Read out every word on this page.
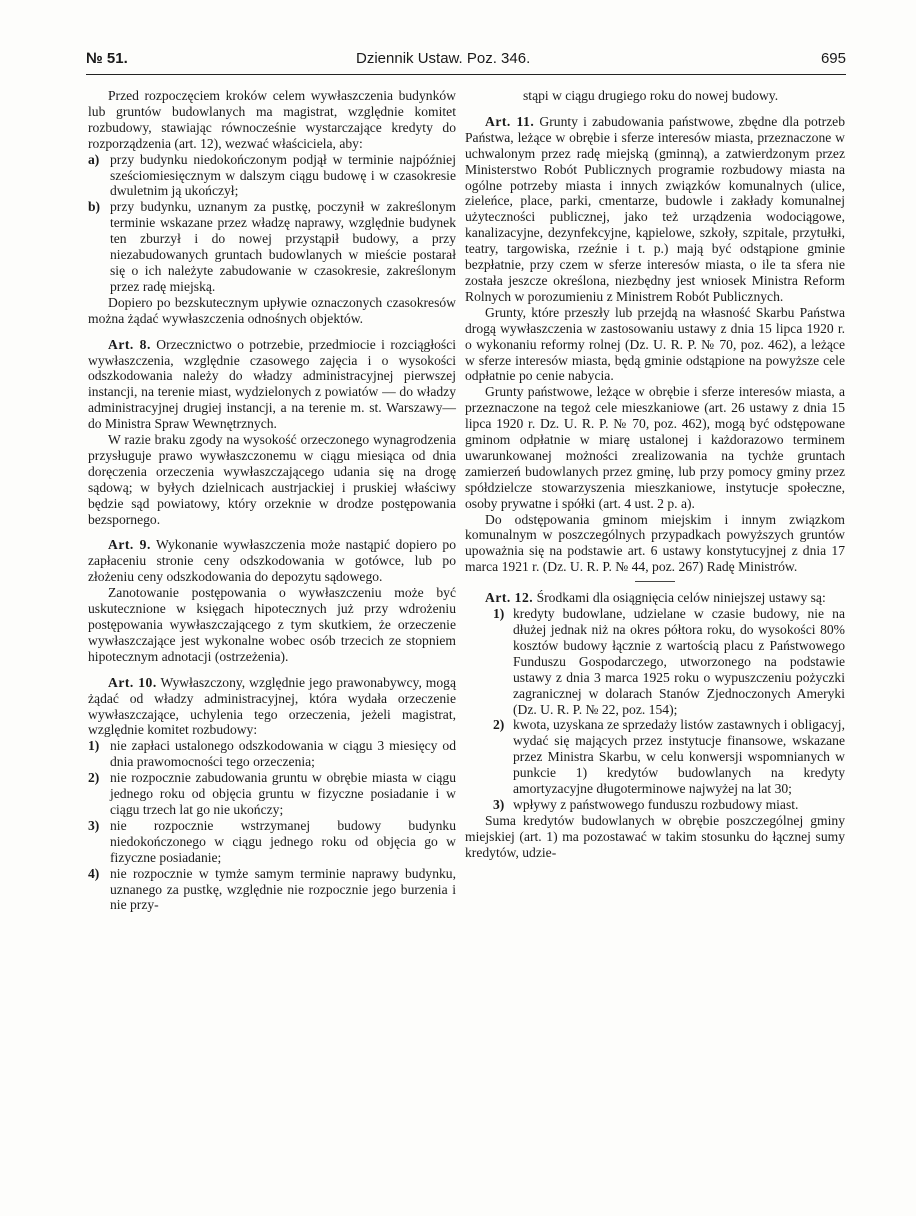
№ 51.	Dziennik Ustaw. Poz. 346.	695

Przed rozpoczęciem kroków celem wywłaszczenia budynków lub gruntów budowlanych ma magistrat, względnie komitet rozbudowy, stawiając równocześnie wystarczające kredyty do rozporządzenia (art. 12), wezwać właściciela, aby:

a) przy budynku niedokończonym podjął w terminie najpóźniej sześciomiesięcznym w dalszym ciągu budowę i w czasokresie dwuletnim ją ukończył;
b) przy budynku, uznanym za pustkę, poczynił w zakreślonym terminie wskazane przez władzę naprawy, względnie budynek ten zburzył i do nowej przystąpił budowy, a przy niezabudowanych gruntach budowlanych w mieście postarał się o ich należyte zabudowanie w czasokresie, zakreślonym przez radę miejską.

Dopiero po bezskutecznym upływie oznaczonych czasokresów można żądać wywłaszczenia odnośnych objektów.

Art. 8. Orzecznictwo o potrzebie, przedmiocie i rozciągłości wywłaszczenia, względnie czasowego zajęcia i o wysokości odszkodowania należy do władzy administracyjnej pierwszej instancji, na terenie miast, wydzielonych z powiatów — do władzy administracyjnej drugiej instancji, a na terenie m. st. Warszawy—do Ministra Spraw Wewnętrznych.

W razie braku zgody na wysokość orzeczonego wynagrodzenia przysługuje prawo wywłaszczonemu w ciągu miesiąca od dnia doręczenia orzeczenia wywłaszczającego udania się na drogę sądową; w byłych dzielnicach austrjackiej i pruskiej właściwy będzie sąd powiatowy, który orzeknie w drodze postępowania bezspornego.

Art. 9. Wykonanie wywłaszczenia może nastąpić dopiero po zapłaceniu stronie ceny odszkodowania w gotówce, lub po złożeniu ceny odszkodowania do depozytu sądowego.

Zanotowanie postępowania o wywłaszczeniu może być uskutecznione w księgach hipotecznych już przy wdrożeniu postępowania wywłaszczającego z tym skutkiem, że orzeczenie wywłaszczające jest wykonalne wobec osób trzecich ze stopniem hipotecznym adnotacji (ostrzeżenia).

Art. 10. Wywłaszczony, względnie jego prawonabywcy, mogą żądać od władzy administracyjnej, która wydała orzeczenie wywłaszczające, uchylenia tego orzeczenia, jeżeli magistrat, względnie komitet rozbudowy:

1) nie zapłaci ustalonego odszkodowania w ciągu 3 miesięcy od dnia prawomocności tego orzeczenia;
2) nie rozpocznie zabudowania gruntu w obrębie miasta w ciągu jednego roku od objęcia gruntu w fizyczne posiadanie i w ciągu trzech lat go nie ukończy;
3) nie rozpocznie wstrzymanej budowy budynku niedokończonego w ciągu jednego roku od objęcia go w fizyczne posiadanie;
4) nie rozpocznie w tymże samym terminie naprawy budynku, uznanego za pustkę, względnie nie rozpocznie jego burzenia i nie przy-

stąpi w ciągu drugiego roku do nowej budowy.

Art. 11. Grunty i zabudowania państwowe, zbędne dla potrzeb Państwa, leżące w obrębie i sferze interesów miasta, przeznaczone w uchwalonym przez radę miejską (gminną), a zatwierdzonym przez Ministerstwo Robót Publicznych programie rozbudowy miasta na ogólne potrzeby miasta i innych związków komunalnych (ulice, zieleńce, place, parki, cmentarze, budowle i zakłady komunalnej użyteczności publicznej, jako też urządzenia wodociągowe, kanalizacyjne, dezynfekcyjne, kąpielowe, szkoły, szpitale, przytułki, teatry, targowiska, rzeźnie i t. p.) mają być odstąpione gminie bezpłatnie, przy czem w sferze interesów miasta, o ile ta sfera nie została jeszcze określona, niezbędny jest wniosek Ministra Reform Rolnych w porozumieniu z Ministrem Robót Publicznych.

Grunty, które przeszły lub przejdą na własność Skarbu Państwa drogą wywłaszczenia w zastosowaniu ustawy z dnia 15 lipca 1920 r. o wykonaniu reformy rolnej (Dz. U. R. P. № 70, poz. 462), a leżące w sferze interesów miasta, będą gminie odstąpione na powyższe cele odpłatnie po cenie nabycia.

Grunty państwowe, leżące w obrębie i sferze interesów miasta, a przeznaczone na tegoż cele mieszkaniowe (art. 26 ustawy z dnia 15 lipca 1920 r. Dz. U. R. P. № 70, poz. 462), mogą być odstępowane gminom odpłatnie w miarę ustalonej i każdorazowo terminem uwarunkowanej możności zrealizowania na tychże gruntach zamierzeń budowlanych przez gminę, lub przy pomocy gminy przez spółdzielcze stowarzyszenia mieszkaniowe, instytucje społeczne, osoby prywatne i spółki (art. 4 ust. 2 p. a).

Do odstępowania gminom miejskim i innym związkom komunalnym w poszczególnych przypadkach powyższych gruntów upoważnia się na podstawie art. 6 ustawy konstytucyjnej z dnia 17 marca 1921 r. (Dz. U. R. P. № 44, poz. 267) Radę Ministrów.

Art. 12. Środkami dla osiągnięcia celów niniejszej ustawy są:

1) kredyty budowlane, udzielane w czasie budowy, nie na dłużej jednak niż na okres półtora roku, do wysokości 80% kosztów budowy łącznie z wartością placu z Państwowego Funduszu Gospodarczego, utworzonego na podstawie ustawy z dnia 3 marca 1925 roku o wypuszczeniu pożyczki zagranicznej w dolarach Stanów Zjednoczonych Ameryki (Dz. U. R. P. № 22, poz. 154);
2) kwota, uzyskana ze sprzedaży listów zastawnych i obligacyj, wydać się mających przez instytucje finansowe, wskazane przez Ministra Skarbu, w celu konwersji wspomnianych w punkcie 1) kredytów budowlanych na kredyty amortyzacyjne długoterminowe najwyżej na lat 30;
3) wpływy z państwowego funduszu rozbudowy miast.

Suma kredytów budowlanych w obrębie poszczególnej gminy miejskiej (art. 1) ma pozostawać w takim stosunku do łącznej sumy kredytów, udzie-
